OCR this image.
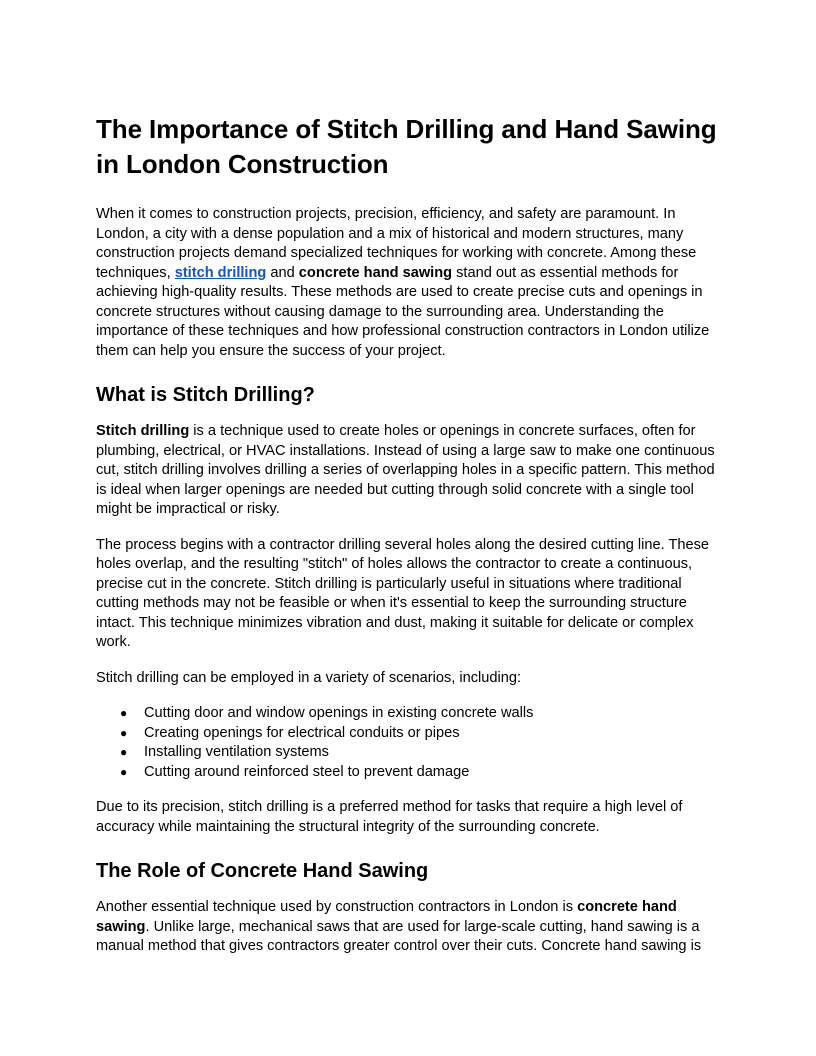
The Importance of Stitch Drilling and Hand Sawing in London Construction

When it comes to construction projects, precision, efficiency, and safety are paramount. In London, a city with a dense population and a mix of historical and modern structures, many construction projects demand specialized techniques for working with concrete. Among these techniques, stitch drilling and concrete hand sawing stand out as essential methods for achieving high-quality results. These methods are used to create precise cuts and openings in concrete structures without causing damage to the surrounding area. Understanding the importance of these techniques and how professional construction contractors in London utilize them can help you ensure the success of your project.

What is Stitch Drilling?

Stitch drilling is a technique used to create holes or openings in concrete surfaces, often for plumbing, electrical, or HVAC installations. Instead of using a large saw to make one continuous cut, stitch drilling involves drilling a series of overlapping holes in a specific pattern. This method is ideal when larger openings are needed but cutting through solid concrete with a single tool might be impractical or risky.

The process begins with a contractor drilling several holes along the desired cutting line. These holes overlap, and the resulting "stitch" of holes allows the contractor to create a continuous, precise cut in the concrete. Stitch drilling is particularly useful in situations where traditional cutting methods may not be feasible or when it's essential to keep the surrounding structure intact. This technique minimizes vibration and dust, making it suitable for delicate or complex work.

Stitch drilling can be employed in a variety of scenarios, including:

● Cutting door and window openings in existing concrete walls
● Creating openings for electrical conduits or pipes
● Installing ventilation systems
● Cutting around reinforced steel to prevent damage

Due to its precision, stitch drilling is a preferred method for tasks that require a high level of accuracy while maintaining the structural integrity of the surrounding concrete.

The Role of Concrete Hand Sawing

Another essential technique used by construction contractors in London is concrete hand sawing. Unlike large, mechanical saws that are used for large-scale cutting, hand sawing is a manual method that gives contractors greater control over their cuts. Concrete hand sawing is
